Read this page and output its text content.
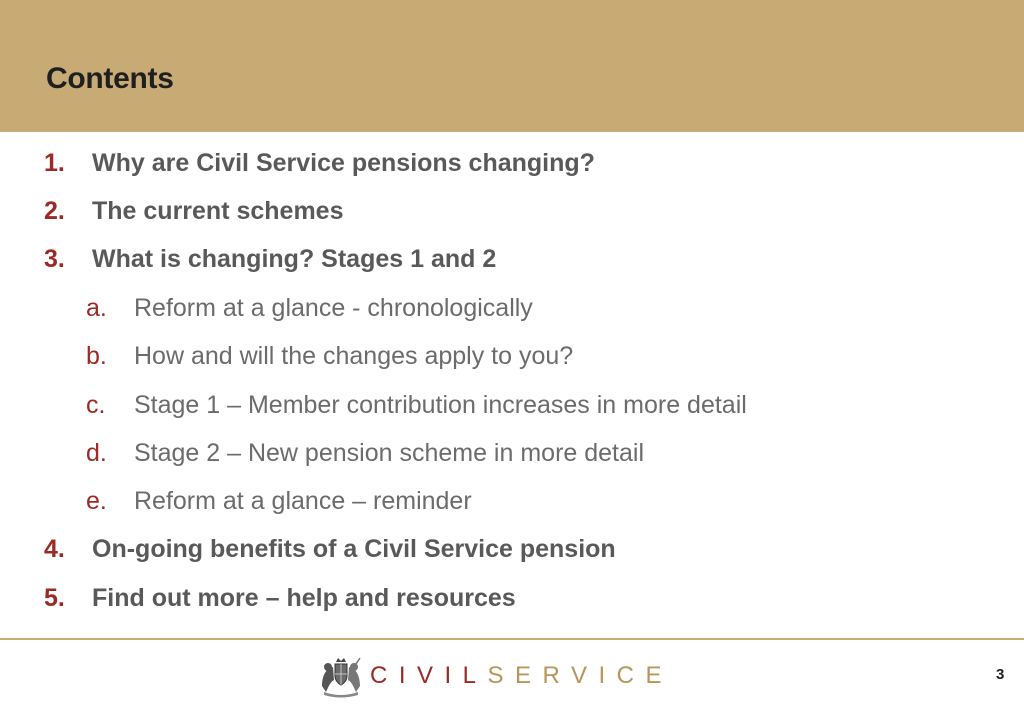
Contents
1. Why are Civil Service pensions changing?
2. The current schemes
3. What is changing? Stages 1 and 2
a. Reform at a glance - chronologically
b. How and will the changes apply to you?
c. Stage 1 – Member contribution increases in more detail
d. Stage 2 – New pension scheme in more detail
e. Reform at a glance – reminder
4. On-going benefits of a Civil Service pension
5. Find out more – help and resources
CIVILSERVICE	3
